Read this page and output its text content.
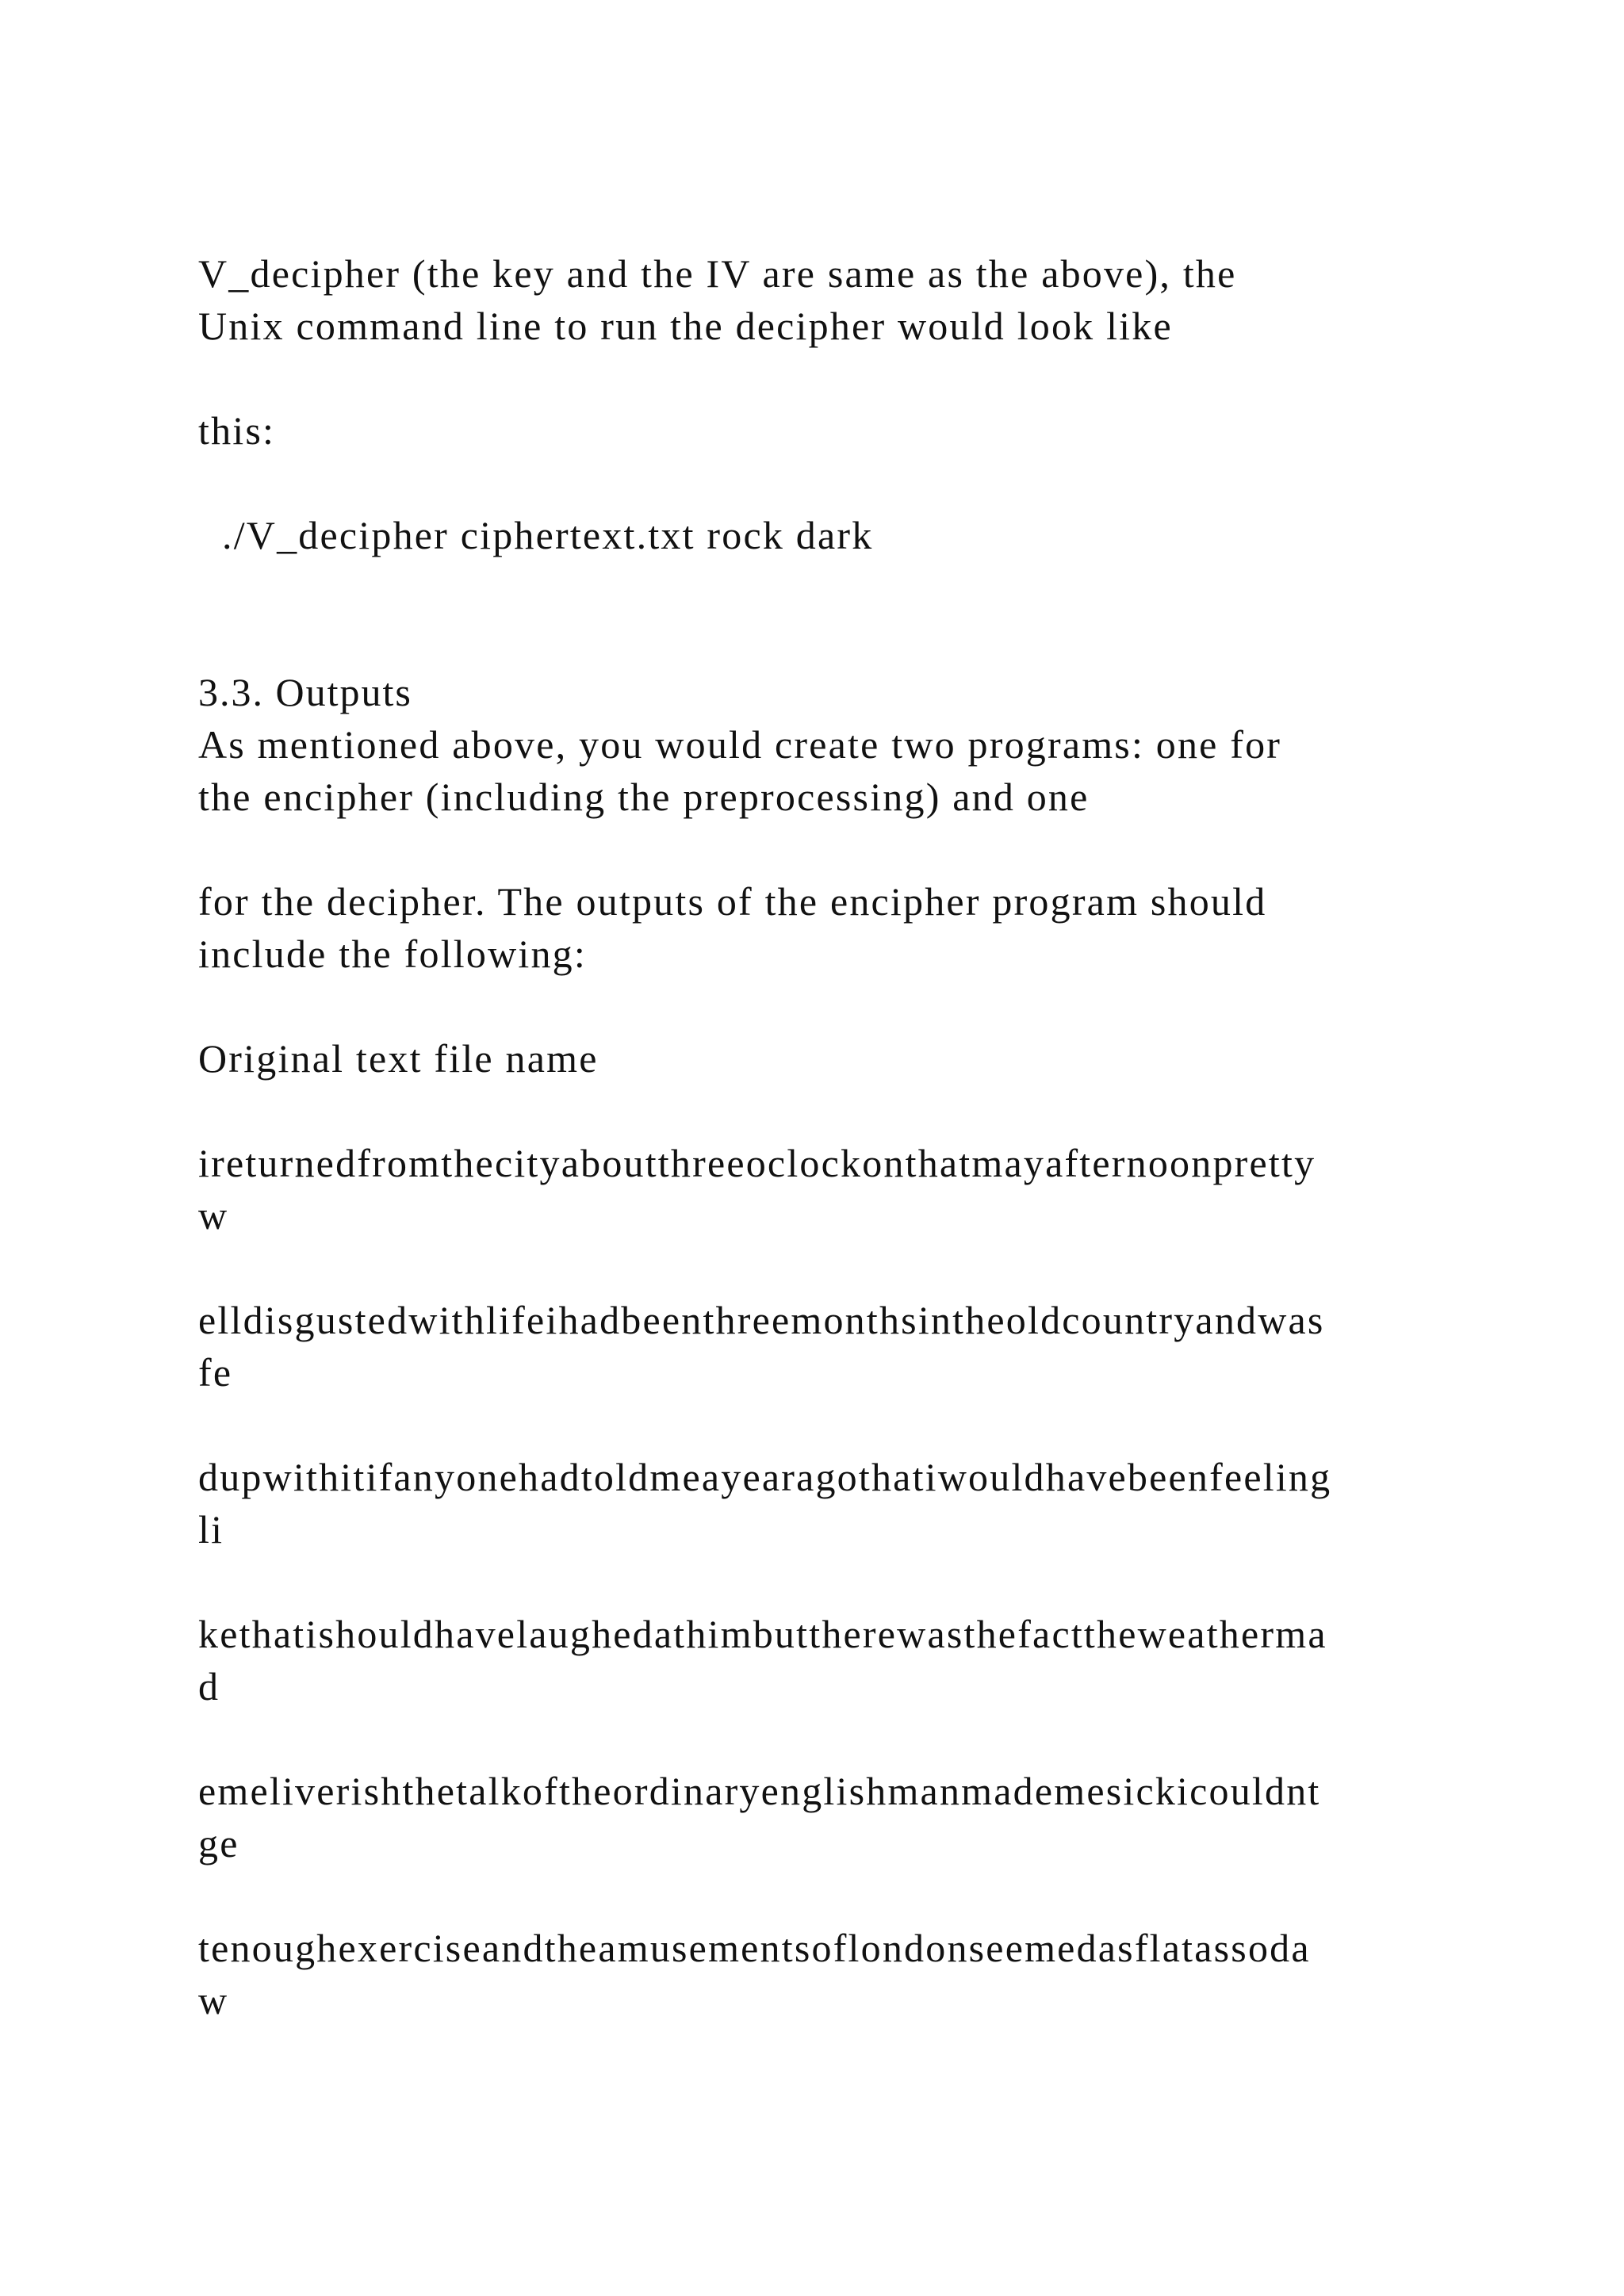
V_decipher (the key and the IV are same as the above), the

Unix command line to run the decipher would look like

this:

./V_decipher ciphertext.txt rock dark

3.3. Outputs

As mentioned above, you would create two programs: one for

the encipher (including the preprocessing) and one

for the decipher. The outputs of the encipher program should

include the following:

Original text file name

ireturnedfromthecityaboutthreeoclockonthatmayafternoonpretty

w

elldisgustedwithlifeihadbeenthreemonthsintheoldcountryandwas

fe

dupwithitifanyonehadtoldmeayearagothatiwouldhavebeenfeeling

li

kethatishouldhavelaughedathimbuttherewasthefacttheweatherma

d

emeliverishthetalkoftheordinaryenglishmanmademesickicouldnt

ge

tenoughexerciseandtheamusementsoflondonseemedasflatassoda

w
